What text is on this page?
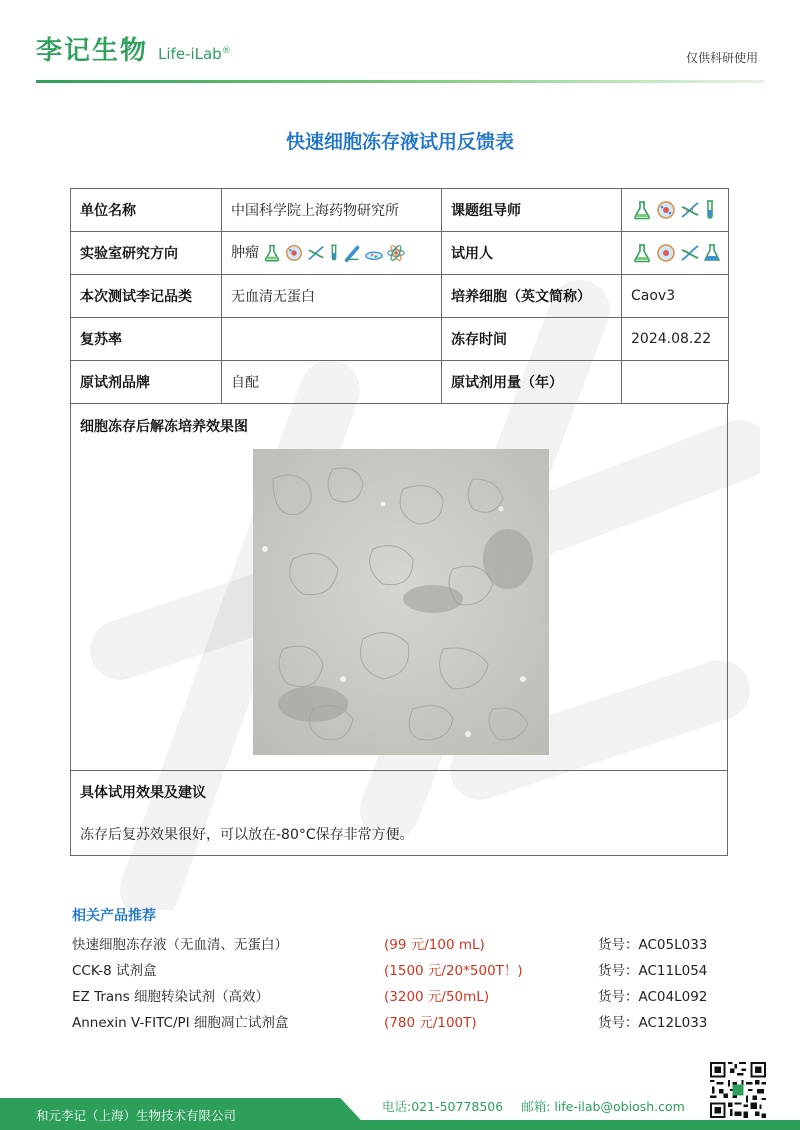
李记生物 Life-iLab®	仅供科研使用
快速细胞冻存液试用反馈表
单位名称	中国科学院上海药物研究所	课题组导师	

实验室研究方向	肿瘤	试用人	

本次测试李记品类	无血清无蛋白	培养细胞（英文简称）	Caov3
复苏率		冻存时间	2024.08.22
原试剂品牌	自配	原试剂用量（年）	
细胞冻存后解冻培养效果图
具体试用效果及建议
冻存后复苏效果很好，可以放在-80°C保存非常方便。
相关产品推荐
快速细胞冻存液（无血清、无蛋白）	(99 元/100 mL)	货号：AC05L033
CCK-8 试剂盒	(1500 元/20*500T！)	货号：AC11L054
EZ Trans 细胞转染试剂（高效）	(3200 元/50mL)	货号：AC04L092
Annexin V-FITC/PI 细胞凋亡试剂盒	(780 元/100T)	货号：AC12L033
和元李记（上海）生物技术有限公司
电话:021-50778506 邮箱: life-ilab@obiosh.com
